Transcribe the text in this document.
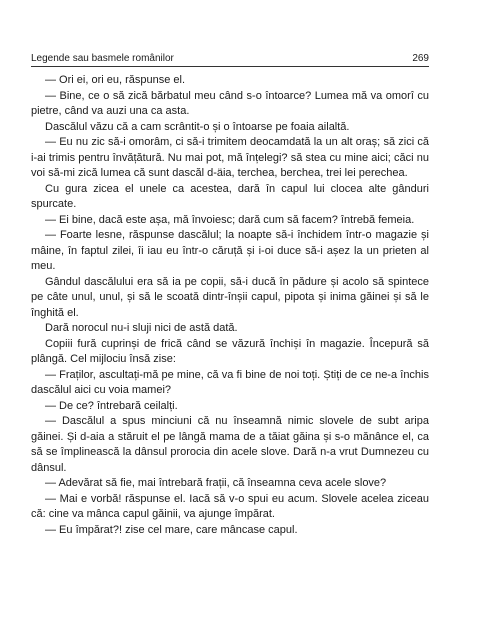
Legende sau basmele românilor	269

— Ori ei, ori eu, răspunse el.

— Bine, ce o să zică bărbatul meu când s-o întoarce? Lumea mă va omorî cu pietre, când va auzi una ca asta.

Dascălul văzu că a cam scrântit-o și o întoarse pe foaia ailaltă.

— Eu nu zic să-i omorâm, ci să-i trimitem deocamdată la un alt oraș; să zici că i-ai trimis pentru învățătură. Nu mai pot, mă înțelegi? să stea cu mine aici; căci nu voi să-mi zică lumea că sunt dascăl d-äia, terchea, berchea, trei lei perechea.

Cu gura zicea el unele ca acestea, dară în capul lui clocea alte gânduri spurcate.

— Ei bine, dacă este așa, mă învoiesc; dară cum să facem? întrebă femeia.

— Foarte lesne, răspunse dascălul; la noapte să-i închidem într-o magazie și mâine, în faptul zilei, îi iau eu într-o căruță și i-oi duce să-i așez la un prieten al meu.

Gândul dascălului era să ia pe copii, să-i ducă în pădure și acolo să spintece pe câte unul, unul, și să le scoată dintr-înșii capul, pipota și inima găinei și să le înghită el.

Dară norocul nu-i sluji nici de astă dată.

Copiii fură cuprinși de frică când se văzură închiși în magazie. Începură să plângă. Cel mijlociu însă zise:

— Fraților, ascultați-mă pe mine, că va fi bine de noi toți. Știți de ce ne-a închis dascălul aici cu voia mamei?

— De ce? întrebară ceilalți.

— Dascălul a spus minciuni că nu înseamnă nimic slovele de subt aripa găinei. Și d-aia a stăruit el pe lângă mama de a tăiat găina și s-o mănânce el, ca să se împlinească la dânsul prorocia din acele slove. Dară n-a vrut Dumnezeu cu dânsul.

— Adevărat să fie, mai întrebară frații, că înseamna ceva acele slove?

— Mai e vorbă! răspunse el. Iacă să v-o spui eu acum. Slovele acelea ziceau că: cine va mânca capul găinii, va ajunge împărat.

— Eu împărat?! zise cel mare, care mâncase capul.
